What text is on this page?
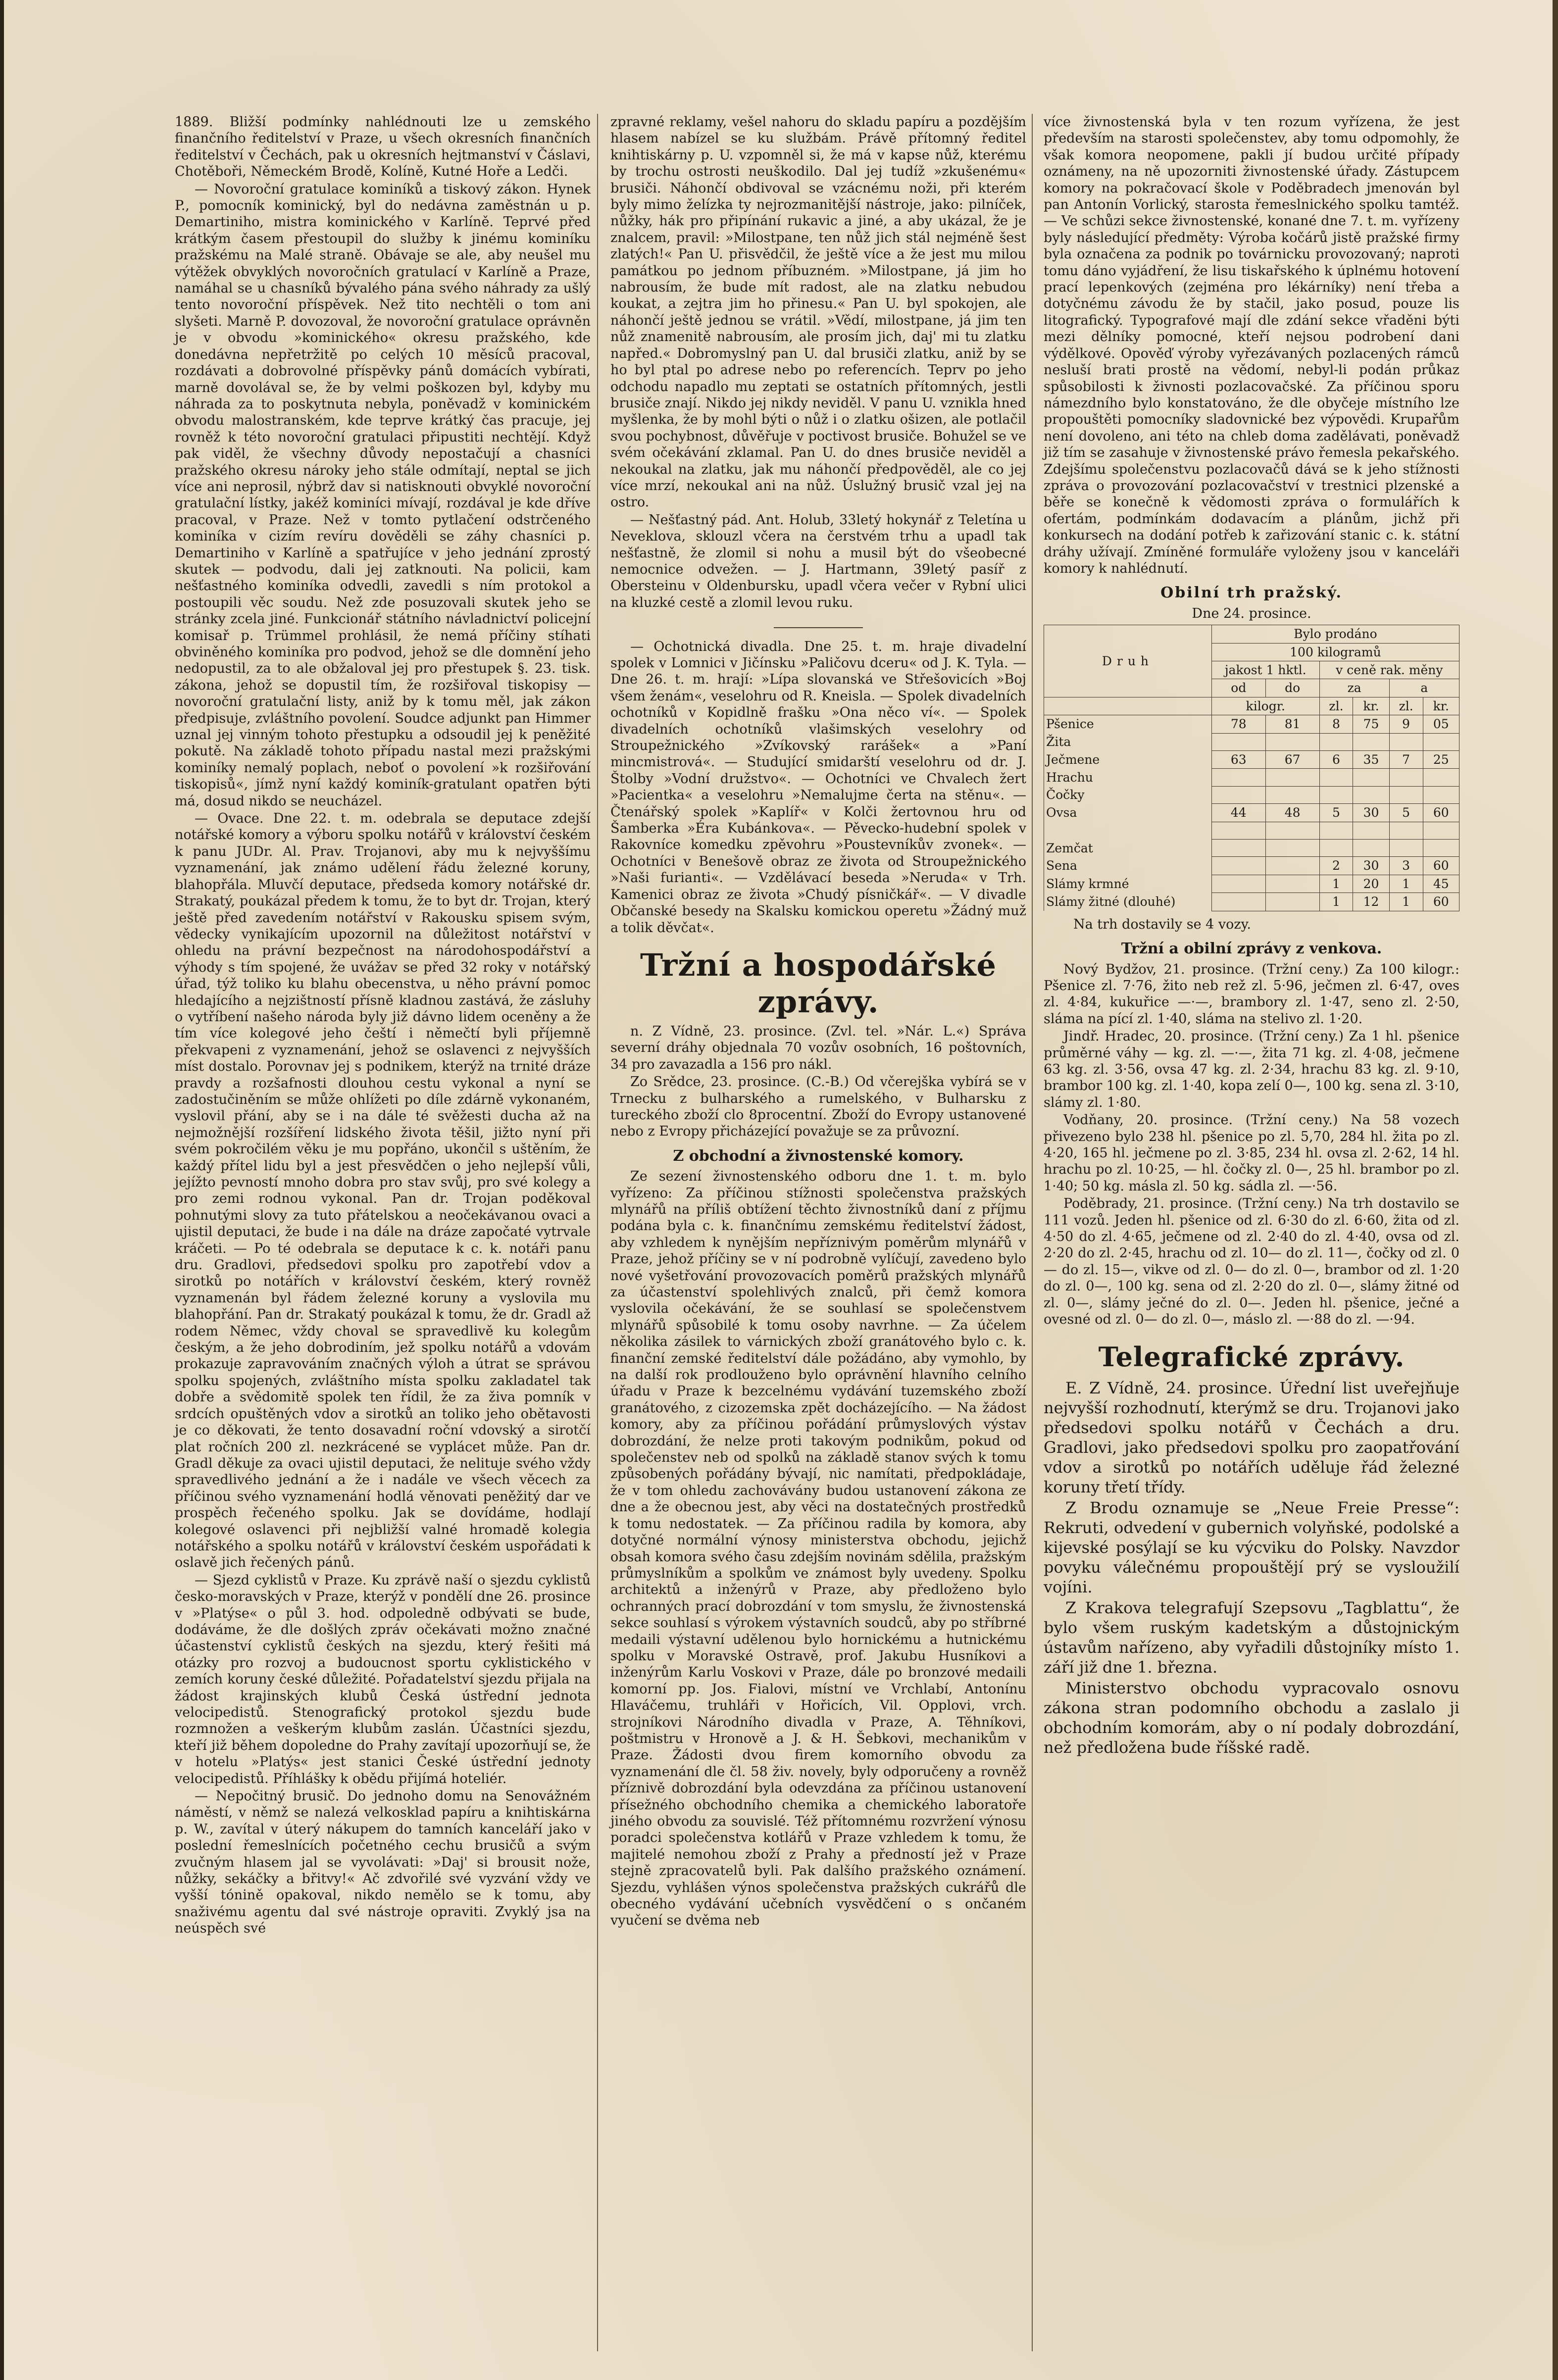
1889. Bližší podmínky nahlédnouti lze u zemského finančního ředitelství v Praze, u všech okresních finančních ředitelství v Čechách, pak u okresních hejtmanství v Čáslavi, Chotěboři, Německém Brodě, Kolíně, Kutné Hoře a Ledči.

— Novoroční gratulace kominíků a tiskový zákon. Hynek P., pomocník kominický, byl do nedávna zaměstnán u p. Demartiniho, mistra kominického v Karlíně. Teprvé před krátkým časem přestoupil do služby k jinému kominíku pražskému na Malé straně. Obávaje se ale, aby neušel mu výtěžek obvyklých novoročních gratulací v Karlíně a Praze, namáhal se u chasníků bývalého pána svého náhrady za ušlý tento novoroční příspěvek. Než tito nechtěli o tom ani slyšeti. Marně P. dovozoval, že novoroční gratulace oprávněn je v obvodu »kominického« okresu pražského, kde donedávna nepřetržitě po celých 10 měsíců pracoval, rozdávati a dobrovolné příspěvky pánů domácích vybírati, marně dovolával se, že by velmi poškozen byl, kdyby mu náhrada za to poskytnuta nebyla, poněvadž v kominickém obvodu malostranském, kde teprve krátký čas pracuje, jej rovněž k této novoroční gratulaci připustiti nechtějí. Když pak viděl, že všechny důvody nepostačují a chasníci pražského okresu nároky jeho stále odmítají, neptal se jich více ani neprosil, nýbrž dav si natisknouti obvyklé novoroční gratulační lístky, jakéž kominíci mívají, rozdával je kde dříve pracoval, v Praze. Než v tomto pytlačení odstrčeného kominíka v cizím revíru dověděli se záhy chasníci p. Demartiniho v Karlíně a spatřujíce v jeho jednání zprostý skutek — podvodu, dali jej zatknouti. Na policii, kam nešťastného kominíka odvedli, zavedli s ním protokol a postoupili věc soudu. Než zde posuzovali skutek jeho se stránky zcela jiné. Funkcionář státního návladnictví policejní komisař p. Trümmel prohlásil, že nemá příčiny stíhati obviněného kominíka pro podvod, jehož se dle domnění jeho nedopustil, za to ale obžaloval jej pro přestupek §. 23. tisk. zákona, jehož se dopustil tím, že rozšiřoval tiskopisy — novoroční gratulační listy, aniž by k tomu měl, jak zákon předpisuje, zvláštního povolení. Soudce adjunkt pan Himmer uznal jej vinným tohoto přestupku a odsoudil jej k peněžité pokutě. Na základě tohoto případu nastal mezi pražskými kominíky nemalý poplach, neboť o povolení »k rozšiřování tiskopisů«, jímž nyní každý kominík-gratulant opatřen býti má, dosud nikdo se neucházel.

— Ovace. Dne 22. t. m. odebrala se deputace zdejší notářské komory a výboru spolku notářů v království českém k panu JUDr. Al. Prav. Trojanovi, aby mu k nejvyššímu vyznamenání, jak známo udělení řádu železné koruny, blahopřála. Mluvčí deputace, předseda komory notářské dr. Strakatý, poukázal předem k tomu, že to byt dr. Trojan, který ještě před zavedením notářství v Rakousku spisem svým, vědecky vynikajícím upozornil na důležitost notářství v ohledu na právní bezpečnost na národohospodářství a výhody s tím spojené, že uvážav se před 32 roky v notářský úřad, týž toliko ku blahu obecenstva, u něho právní pomoc hledajícího a nejzištností přísně kladnou zastává, že zásluhy o vytříbení našeho národa byly již dávno lidem oceněny a že tím více kolegové jeho čeští i němečtí byli příjemně překvapeni z vyznamenání, jehož se oslavenci z nejvyšších míst dostalo. Porovnav jej s podnikem, kterýž na trnité dráze pravdy a rozšafnosti dlouhou cestu vykonal a nyní se zadostučiněním se může ohlížeti po díle zdárně vykonaném, vyslovil přání, aby se i na dále té svěžesti ducha až na nejmožnější rozšíření lidského života těšil, jižto nyní při svém pokročilém věku je mu popřáno, ukončil s uštěním, že každý přítel lidu byl a jest přesvědčen o jeho nejlepší vůli, jejížto pevností mnoho dobra pro stav svůj, pro své kolegy a pro zemi rodnou vykonal. Pan dr. Trojan poděkoval pohnutými slovy za tuto přátelskou a neočekávanou ovaci a ujistil deputaci, že bude i na dále na dráze započaté vytrvale kráčeti. — Po té odebrala se deputace k c. k. notáři panu dru. Gradlovi, předsedovi spolku pro zapotřebí vdov a sirotků po notářích v království českém, který rovněž vyznamenán byl řádem železné koruny a vyslovila mu blahopřání. Pan dr. Strakatý poukázal k tomu, že dr. Gradl až rodem Němec, vždy choval se spravedlivě ku kolegům českým, a že jeho dobrodiním, jež spolku notářů a vdovám prokazuje zapravováním značných výloh a útrat se správou spolku spojených, zvláštního místa spolku zakladatel tak dobře a svědomitě spolek ten řídil, že za živa pomník v srdcích opuštěných vdov a sirotků an toliko jeho obětavosti je co děkovati, že tento dosavadní roční vdovský a sirotčí plat ročních 200 zl. nezkrácené se vyplácet může. Pan dr. Gradl děkuje za ovaci ujistil deputaci, že nelituje svého vždy spravedlivého jednání a že i nadále ve všech věcech za příčinou svého vyznamenání hodlá věnovati peněžitý dar ve prospěch řečeného spolku. Jak se dovídáme, hodlají kolegové oslavenci při nejbližší valné hromadě kolegia notářského a spolku notářů v království českém uspořádati k oslavě jich řečených pánů.

— Sjezd cyklistů v Praze. Ku zprávě naší o sjezdu cyklistů česko-moravských v Praze, kterýž v pondělí dne 26. prosince v »Platýse« o půl 3. hod. odpoledně odbývati se bude, dodáváme, že dle došlých zpráv očekávati možno značné účastenství cyklistů českých na sjezdu, který řešiti má otázky pro rozvoj a budoucnost sportu cyklistického v zemích koruny české důležité. Pořadatelství sjezdu přijala na žádost krajinských klubů Česká ústřední jednota velocipedistů. Stenografický protokol sjezdu bude rozmnožen a veškerým klubům zaslán. Účastníci sjezdu, kteří již během dopoledne do Prahy zavítají upozorňují se, že v hotelu »Platýs« jest stanici České ústřední jednoty velocipedistů. Příhlášky k obědu přijímá hoteliér.

— Nepočitný brusič. Do jednoho domu na Senovážném náměstí, v němž se nalezá velkosklad papíru a knihtiskárna p. W., zavítal v úterý nákupem do tamních kanceláří jako v poslední řemeslnících početného cechu brusičů a svým zvučným hlasem jal se vyvolávati: »Daj' si brousit nože, nůžky, sekáčky a břitvy!« Ač zdvořilé své vyzvání vždy ve vyšší tónině opakoval, nikdo nemělo se k tomu, aby snaživému agentu dal své nástroje opraviti. Zvyklý jsa na neúspěch své

zpravné reklamy, vešel nahoru do skladu papíru a pozdějším hlasem nabízel se ku službám. Právě přítomný ředitel knihtiskárny p. U. vzpomněl si, že má v kapse nůž, kterému by trochu ostrosti neuškodilo. Dal jej tudíž »zkušenému« brusiči. Náhončí obdivoval se vzácnému noži, při kterém byly mimo želízka ty nejrozmanitější nástroje, jako: pilníček, nůžky, hák pro připínání rukavic a jiné, a aby ukázal, že je znalcem, pravil: »Milostpane, ten nůž jich stál nejméně šest zlatých!« Pan U. přisvědčil, že ještě více a že jest mu milou památkou po jednom příbuzném. »Milostpane, já jim ho nabrousím, že bude mít radost, ale na zlatku nebudou koukat, a zejtra jim ho přinesu.« Pan U. byl spokojen, ale náhončí ještě jednou se vrátil. »Vědí, milostpane, já jim ten nůž znamenitě nabrousím, ale prosím jich, daj' mi tu zlatku napřed.« Dobromyslný pan U. dal brusiči zlatku, aniž by se ho byl ptal po adrese nebo po referencích. Teprv po jeho odchodu napadlo mu zeptati se ostatních přítomných, jestli brusiče znají. Nikdo jej nikdy neviděl. V panu U. vznikla hned myšlenka, že by mohl býti o nůž i o zlatku ošizen, ale potlačil svou pochybnost, důvěřuje v poctivost brusiče. Bohužel se ve svém očekávání zklamal. Pan U. do dnes brusiče neviděl a nekoukal na zlatku, jak mu náhončí předpověděl, ale co jej více mrzí, nekoukal ani na nůž. Úslužný brusič vzal jej na ostro.

— Nešťastný pád. Ant. Holub, 33letý hokynář z Teletína u Neveklova, sklouzl včera na čerstvém trhu a upadl tak nešťastně, že zlomil si nohu a musil být do všeobecné nemocnice odvežen. — J. Hartmann, 39letý pasíř z Obersteinu v Oldenbursku, upadl včera večer v Rybní ulici na kluzké cestě a zlomil levou ruku.

— Ochotnická divadla. Dne 25. t. m. hraje divadelní spolek v Lomnici v Jičínsku »Paličovu dceru« od J. K. Tyla. — Dne 26. t. m. hrají: »Lípa slovanská ve Střešovicích »Boj všem ženám«, veselohru od R. Kneisla. — Spolek divadelních ochotníků v Kopidlně frašku »Ona něco ví«. — Spolek divadelních ochotníků vlašimských veselohry od Stroupežnického »Zvíkovský rarášek« a »Paní mincmistrová«. — Studující smidarští veselohru od dr. J. Štolby »Vodní družstvo«. — Ochotníci ve Chvalech žert »Pacientka« a veselohru »Nemalujme čerta na stěnu«. — Čtenářský spolek »Kaplíř« v Kolči žertovnou hru od Šamberka »Éra Kubánkova«. — Pěvecko-hudební spolek v Rakovníce komedku zpěvohru »Poustevníkův zvonek«. — Ochotníci v Benešově obraz ze života od Stroupežnického »Naši furianti«. — Vzdělávací beseda »Neruda« v Trh. Kamenici obraz ze života »Chudý písničkář«. — V divadle Občanské besedy na Skalsku komickou operetu »Žádný muž a tolik děvčat«.

Tržní a hospodářské zprávy.

n. Z Vídně, 23. prosince. (Zvl. tel. »Nár. L.«) Správa severní dráhy objednala 70 vozův osobních, 16 poštovních, 34 pro zavazadla a 156 pro nákl.

Zo Srědce, 23. prosince. (C.-B.) Od včerejška vybírá se v Trnecku z bulharského a rumelského, v Bulharsku z tureckého zboží clo 8procentní. Zboží do Evropy ustanovené nebo z Evropy přicházející považuje se za průvozní.

Z obchodní a živnostenské komory.

Ze sezení živnostenského odboru dne 1. t. m. bylo vyřízeno: Za příčinou stížnosti společenstva pražských mlynářů na příliš obtížení těchto živnostníků daní z příjmu podána byla c. k. finančnímu zemskému ředitelství žádost, aby vzhledem k nynějším nepříznivým poměrům mlynářů v Praze, jehož příčiny se v ní podrobně vylíčují, zavedeno bylo nové vyšetřování provozovacích poměrů pražských mlynářů za účastenství spolehlivých znalců, při čemž komora vyslovila očekávání, že se souhlasí se společenstvem mlynářů spůsobilé k tomu osoby navrhne. — Za účelem několika zásilek to várnických zboží granátového bylo c. k. finanční zemské ředitelství dále požádáno, aby vymohlo, by na další rok prodlouženo bylo oprávnění hlavního celního úřadu v Praze k bezcelnému vydávání tuzemského zboží granátového, z cizozemska zpět docházejícího. — Na žádost komory, aby za příčinou pořádání průmyslových výstav dobrozdání, že nelze proti takovým podnikům, pokud od společenstev neb od spolků na základě stanov svých k tomu způsobených pořádány bývají, nic namítati, předpokládaje, že v tom ohledu zachovávány budou ustanovení zákona ze dne a že obecnou jest, aby věci na dostatečných prostředků k tomu nedostatek. — Za příčinou radila by komora, aby dotyčné normální výnosy ministerstva obchodu, jejichž obsah komora svého času zdejším novinám sdělila, pražským průmyslníkům a spolkům ve známost byly uvedeny. Spolku architektů a inženýrů v Praze, aby předloženo bylo ochranných prací dobrozdání v tom smyslu, že živnostenská sekce souhlasí s výrokem výstavních soudců, aby po stříbrné medaili výstavní udělenou bylo hornickému a hutnickému spolku v Moravské Ostravě, prof. Jakubu Husníkovi a inženýrům Karlu Voskovi v Praze, dále po bronzové medaili komorní pp. Jos. Fialovi, místní ve Vrchlabí, Antonínu Hlaváčemu, truhláři v Hořicích, Vil. Opplovi, vrch. strojníkovi Národního divadla v Praze, A. Těhníkovi, poštmistru v Hronově a J. & H. Šebkovi, mechanikům v Praze. Žádosti dvou firem komorního obvodu za vyznamenání dle čl. 58 živ. novely, byly odporučeny a rovněž příznivě dobrozdání byla odevzdána za příčinou ustanovení přísežného obchodního chemika a chemického laboratoře jiného obvodu za souvislé. Též přítomnému rozvržení výnosu poradci společenstva kotlářů v Praze vzhledem k tomu, že majitelé nemohou zboží z Prahy a předností jež v Praze stejně zpracovatelů byli. Pak dalšího pražského oznámení. Sjezdu, vyhlášen výnos společenstva pražských cukrářů dle obecného vydávání učebních vysvědčení o s ončaném vyučení se dvěma neb

více živnostenská byla v ten rozum vyřízena, že jest především na starosti společenstev, aby tomu odpomohly, že však komora neopomene, pakli jí budou určité případy oznámeny, na ně upozorniti živnostenské úřady. Zástupcem komory na pokračovací škole v Poděbradech jmenován byl pan Antonín Vorlický, starosta řemeslnického spolku tamtéž. — Ve schůzi sekce živnostenské, konané dne 7. t. m. vyřízeny byly následující předměty: Výroba kočárů jistě pražské firmy byla označena za podnik po továrnicku provozovaný; naproti tomu dáno vyjádření, že lisu tiskařského k úplnému hotovení prací lepenkových (zejména pro lékárníky) není třeba a dotyčnému závodu že by stačil, jako posud, pouze lis litografický. Typografové mají dle zdání sekce vřaděni býti mezi dělníky pomocné, kteří nejsou podrobení dani výdělkové. Opověď výroby vyřezávaných pozlacených rámců nesluší brati prostě na vědomí, nebyl-li podán průkaz spůsobilosti k živnosti pozlacovačské. Za příčinou sporu námezdního bylo konstatováno, že dle obyčeje místního lze propouštěti pomocníky sladovnické bez výpovědi. Krupařům není dovoleno, ani této na chleb doma zadělávati, poněvadž již tím se zasahuje v živnostenské právo řemesla pekařského. Zdejšímu společenstvu pozlacovačů dává se k jeho stížnosti zpráva o provozování pozlacovačství v trestnici plzenské a běře se konečně k vědomosti zpráva o formulářích k ofertám, podmínkám dodavacím a plánům, jichž při konkursech na dodání potřeb k zařizování stanic c. k. státní dráhy užívají. Zmíněné formuláře vyloženy jsou v kanceláři komory k nahlédnutí.

Obilní trh pražský.
Dne 24. prosince.
Druh	Bylo prodáno					
	100 kilogramů					
	jakost 1 hktl.		v ceně rak. měny			
	od	do	za		a	
	kilogr.		zl.	kr.	zl.	kr.
Pšenice	78	81	8	75	9	05
Žita						
Ječmene	63	67	6	35	7	25
Hrachu						
Čočky						
Ovsa	44	48	5	30	5	60

Zemčat						
Sena			2	30	3	60
Slámy krmné			1	20	1	45
Slámy žitné (dlouhé)			1	12	1	60

Na trh dostavily se 4 vozy.

Tržní a obilní zprávy z venkova.

Nový Bydžov, 21. prosince. (Tržní ceny.) Za 100 kilogr.: Pšenice zl. 7·76, žito neb rež zl. 5·96, ječmen zl. 6·47, oves zl. 4·84, kukuřice —·—, brambory zl. 1·47, seno zl. 2·50, sláma na pící zl. 1·40, sláma na stelivo zl. 1·20.

Jindř. Hradec, 20. prosince. (Tržní ceny.) Za 1 hl. pšenice průměrné váhy — kg. zl. —·—, žita 71 kg. zl. 4·08, ječmene 63 kg. zl. 3·56, ovsa 47 kg. zl. 2·34, hrachu 83 kg. zl. 9·10, brambor 100 kg. zl. 1·40, kopa zelí 0—, 100 kg. sena zl. 3·10, slámy zl. 1·80.

Vodňany, 20. prosince. (Tržní ceny.) Na 58 vozech přivezeno bylo 238 hl. pšenice po zl. 5,70, 284 hl. žita po zl. 4·20, 165 hl. ječmene po zl. 3·85, 234 hl. ovsa zl. 2·62, 14 hl. hrachu po zl. 10·25, — hl. čočky zl. 0—, 25 hl. brambor po zl. 1·40; 50 kg. másla zl. 50 kg. sádla zl. —·56.

Poděbrady, 21. prosince. (Tržní ceny.) Na trh dostavilo se 111 vozů. Jeden hl. pšenice od zl. 6·30 do zl. 6·60, žita od zl. 4·50 do zl. 4·65, ječmene od zl. 2·40 do zl. 4·40, ovsa od zl. 2·20 do zl. 2·45, hrachu od zl. 10— do zl. 11—, čočky od zl. 0— do zl. 15—, vikve od zl. 0— do zl. 0—, brambor od zl. 1·20 do zl. 0—, 100 kg. sena od zl. 2·20 do zl. 0—, slámy žitné od zl. 0—, slámy ječné do zl. 0—. Jeden hl. pšenice, ječné a ovesné od zl. 0— do zl. 0—, máslo zl. —·88 do zl. —·94.

Telegrafické zprávy.

E. Z Vídně, 24. prosince. Úřední list uveřejňuje nejvyšší rozhodnutí, kterýmž se dru. Trojanovi jako předsedovi spolku notářů v Čechách a dru. Gradlovi, jako předsedovi spolku pro zaopatřování vdov a sirotků po notářích uděluje řád železné koruny třetí třídy.

Z Brodu oznamuje se „Neue Freie Presse“: Rekruti, odvedení v gubernich volyňské, podolské a kijevské posýlají se ku výcviku do Polsky. Navzdor povyku válečnému propouštějí prý se vysloužilí vojíni.

Z Krakova telegrafují Szepsovu „Tagblattu“, že bylo všem ruským kadetským a důstojnickým ústavům nařízeno, aby vyřadili důstojníky místo 1. září již dne 1. března.

Ministerstvo obchodu vypracovalo osnovu zákona stran podomního obchodu a zaslalo ji obchodním komorám, aby o ní podaly dobrozdání, než předložena bude říšské radě.
